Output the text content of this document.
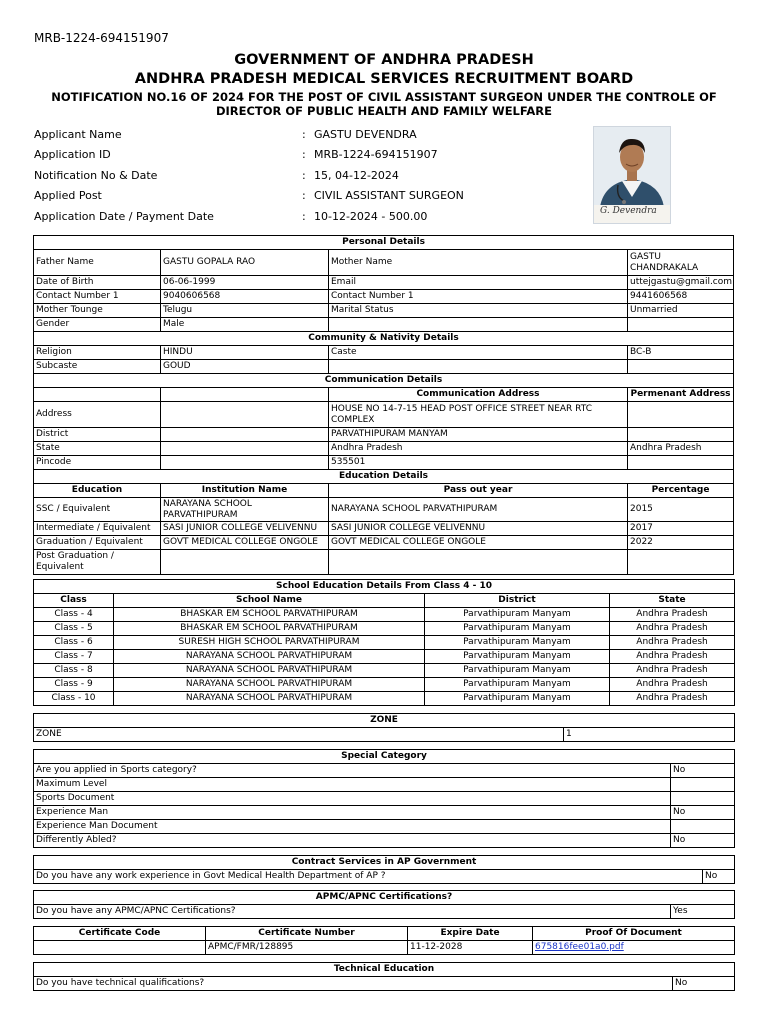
MRB-1224-694151907
GOVERNMENT OF ANDHRA PRADESH
ANDHRA PRADESH MEDICAL SERVICES RECRUITMENT BOARD
NOTIFICATION NO.16 OF 2024 FOR THE POST OF CIVIL ASSISTANT SURGEON UNDER THE CONTROLE OF
DIRECTOR OF PUBLIC HEALTH AND FAMILY WELFARE
Applicant Name	: GASTU DEVENDRA
Application ID	: MRB-1224-694151907
Notification No & Date	: 15, 04-12-2024
Applied Post	: CIVIL ASSISTANT SURGEON
Application Date / Payment Date	: 10-12-2024 - 500.00	G. Devendra
Personal Details			
Father Name	GASTU GOPALA RAO	Mother Name	GASTU CHANDRAKALA
Date of Birth	06-06-1999	Email	uttejgastu@gmail.com
Contact Number 1	9040606568	Contact Number 1	9441606568
Mother Tounge	Telugu	Marital Status	Unmarried
Gender	Male		
Community & Nativity Details			
Religion	HINDU	Caste	BC-B
Subcaste	GOUD		
Communication Details			
		Communication Address	Permenant Address
Address		HOUSE NO 14-7-15 HEAD POST OFFICE STREET NEAR RTC COMPLEX	
District		PARVATHIPURAM MANYAM	
State		Andhra Pradesh	Andhra Pradesh
Pincode		535501	
Education Details			
Education	Institution Name	Pass out year	Percentage
SSC / Equivalent	NARAYANA SCHOOL PARVATHIPURAM	NARAYANA SCHOOL PARVATHIPURAM	2015
Intermediate / Equivalent	SASI JUNIOR COLLEGE VELIVENNU	SASI JUNIOR COLLEGE VELIVENNU	2017
Graduation / Equivalent	GOVT MEDICAL COLLEGE ONGOLE	GOVT MEDICAL COLLEGE ONGOLE	2022
Post Graduation / Equivalent			
School Education Details From Class 4 - 10			
Class	School Name	District	State
Class - 4	BHASKAR EM SCHOOL PARVATHIPURAM	Parvathipuram Manyam	Andhra Pradesh
Class - 5	BHASKAR EM SCHOOL PARVATHIPURAM	Parvathipuram Manyam	Andhra Pradesh
Class - 6	SURESH HIGH SCHOOL PARVATHIPURAM	Parvathipuram Manyam	Andhra Pradesh
Class - 7	NARAYANA SCHOOL PARVATHIPURAM	Parvathipuram Manyam	Andhra Pradesh
Class - 8	NARAYANA SCHOOL PARVATHIPURAM	Parvathipuram Manyam	Andhra Pradesh
Class - 9	NARAYANA SCHOOL PARVATHIPURAM	Parvathipuram Manyam	Andhra Pradesh
Class - 10	NARAYANA SCHOOL PARVATHIPURAM	Parvathipuram Manyam	Andhra Pradesh
ZONE
ZONE	1
Special Category	
Are you applied in Sports category?	No
Maximum Level	
Sports Document	
Experience Man	No
Experience Man Document	
Differently Abled?	No
Contract Services in AP Government
Do you have any work experience in Govt Medical Health Department of AP ?	No
APMC/APNC Certifications?
Do you have any APMC/APNC Certifications?	Yes
Certificate Code	Certificate Number	Expire Date	Proof Of Document
	APMC/FMR/128895	11-12-2028	675816fee01a0.pdf
Technical Education
Do you have technical qualifications?	No
